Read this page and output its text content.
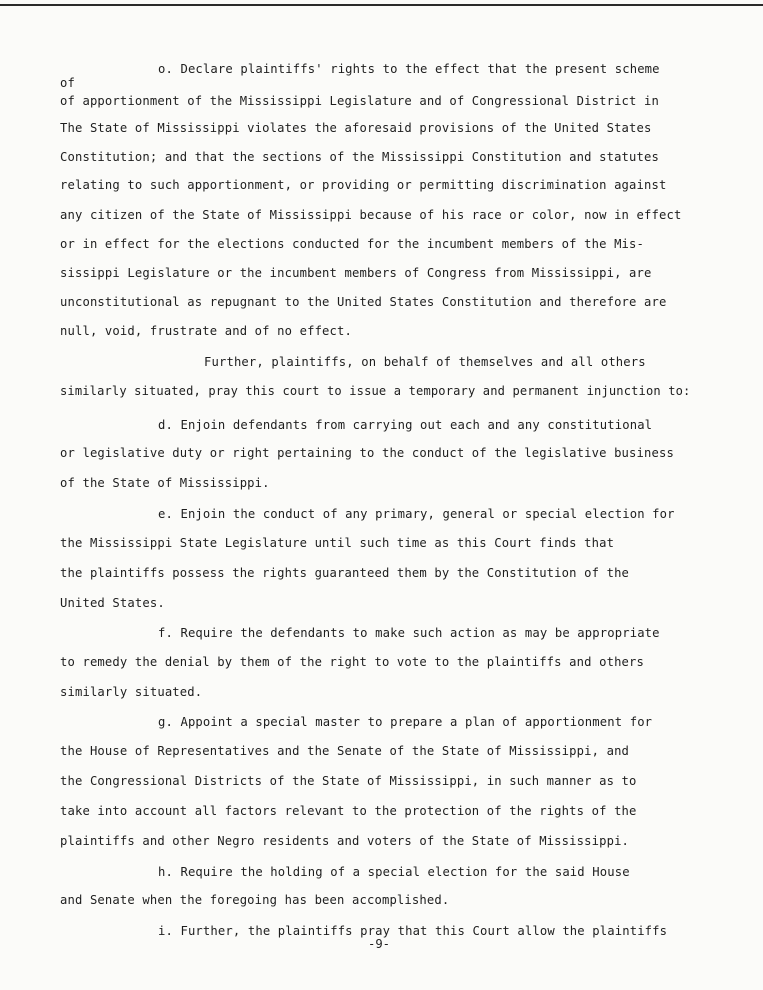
o. Declare plaintiffs' rights to the effect that the present scheme
of
of apportionment of the Mississippi Legislature and of Congressional District in
The State of Mississippi violates the aforesaid provisions of the United States
Constitution; and that the sections of the Mississippi Constitution and statutes
relating to such apportionment, or providing or permitting discrimination against
any citizen of the State of Mississippi because of his race or color, now in effect
or in effect for the elections conducted for the incumbent members of the Mis-
sissippi Legislature or the incumbent members of Congress from Mississippi, are
unconstitutional as repugnant to the United States Constitution and therefore are
null, void, frustrate and of no effect.
Further, plaintiffs, on behalf of themselves and all others
similarly situated, pray this court to issue a temporary and permanent injunction to:
d. Enjoin defendants from carrying out each and any constitutional
or legislative duty or right pertaining to the conduct of the legislative business
of the State of Mississippi.
e. Enjoin the conduct of any primary, general or special election for
the Mississippi State Legislature until such time as this Court finds that
the plaintiffs possess the rights guaranteed them by the Constitution of the
United States.
f. Require the defendants to make such action as may be appropriate
to remedy the denial by them of the right to vote to the plaintiffs and others
similarly situated.
g. Appoint a special master to prepare a plan of apportionment for
the House of Representatives and the Senate of the State of Mississippi, and
the Congressional Districts of the State of Mississippi, in such manner as to
take into account all factors relevant to the protection of the rights of the
plaintiffs and other Negro residents and voters of the State of Mississippi.
h. Require the holding of a special election for the said House
and Senate when the foregoing has been accomplished.
i. Further, the plaintiffs pray that this Court allow the plaintiffs
-9-
